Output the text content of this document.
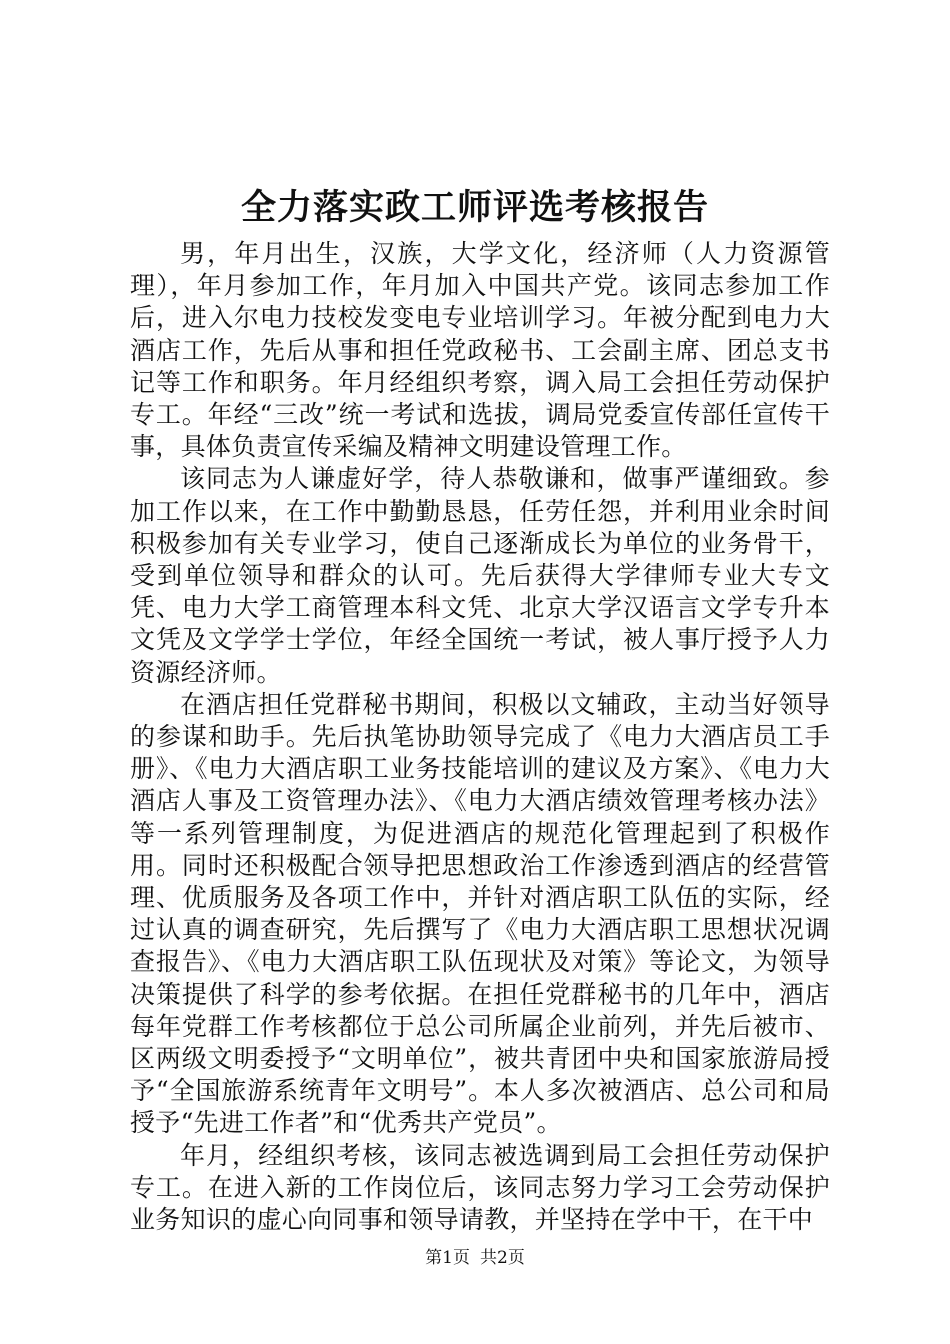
全力落实政工师评选考核报告

男，年月出生，汉族，大学文化，经济师（人力资源管理），年月参加工作，年月加入中国共产党。该同志参加工作后，进入尔电力技校发变电专业培训学习。年被分配到电力大酒店工作，先后从事和担任党政秘书、工会副主席、团总支书记等工作和职务。年月经组织考察，调入局工会担任劳动保护专工。年经“三改”统一考试和选拔，调局党委宣传部任宣传干事，具体负责宣传采编及精神文明建设管理工作。

该同志为人谦虚好学，待人恭敬谦和，做事严谨细致。参加工作以来，在工作中勤勤恳恳，任劳任怨，并利用业余时间积极参加有关专业学习，使自己逐渐成长为单位的业务骨干，受到单位领导和群众的认可。先后获得大学律师专业大专文凭、电力大学工商管理本科文凭、北京大学汉语言文学专升本文凭及文学学士学位，年经全国统一考试，被人事厅授予人力资源经济师。

在酒店担任党群秘书期间，积极以文辅政，主动当好领导的参谋和助手。先后执笔协助领导完成了《电力大酒店员工手册》、《电力大酒店职工业务技能培训的建议及方案》、《电力大酒店人事及工资管理办法》、《电力大酒店绩效管理考核办法》等一系列管理制度，为促进酒店的规范化管理起到了积极作用。同时还积极配合领导把思想政治工作渗透到酒店的经营管理、优质服务及各项工作中，并针对酒店职工队伍的实际，经过认真的调查研究，先后撰写了《电力大酒店职工思想状况调查报告》、《电力大酒店职工队伍现状及对策》等论文，为领导决策提供了科学的参考依据。在担任党群秘书的几年中，酒店每年党群工作考核都位于总公司所属企业前列，并先后被市、区两级文明委授予“文明单位”，被共青团中央和国家旅游局授予“全国旅游系统青年文明号”。本人多次被酒店、总公司和局授予“先进工作者”和“优秀共产党员”。

年月，经组织考核，该同志被选调到局工会担任劳动保护专工。在进入新的工作岗位后，该同志努力学习工会劳动保护业务知识的虚心向同事和领导请教，并坚持在学中干，在干中

第1页 共2页
